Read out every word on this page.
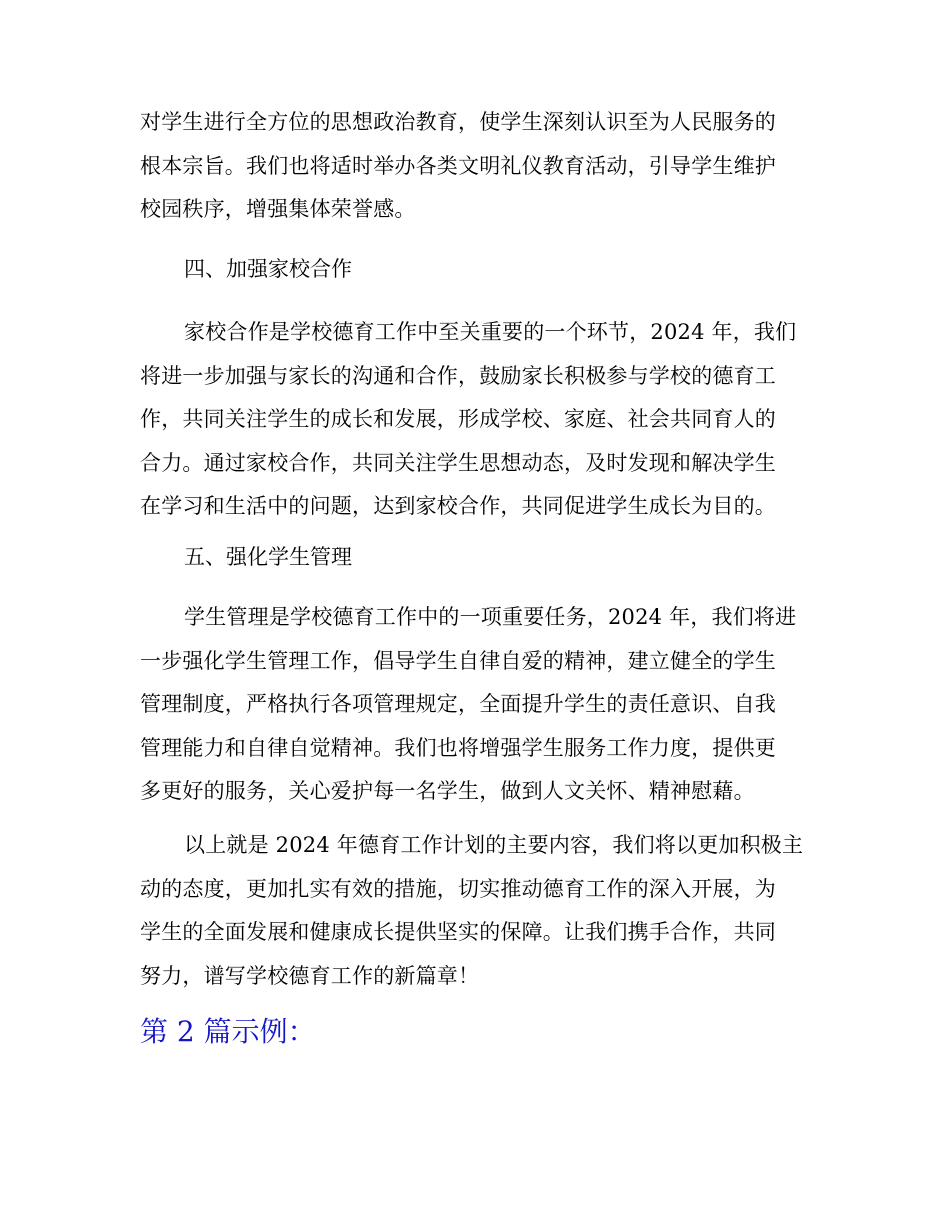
对学生进行全方位的思想政治教育，使学生深刻认识至为人民服务的
根本宗旨。我们也将适时举办各类文明礼仪教育活动，引导学生维护
校园秩序，增强集体荣誉感。

四、加强家校合作

家校合作是学校德育工作中至关重要的一个环节，2024 年，我们
将进一步加强与家长的沟通和合作，鼓励家长积极参与学校的德育工
作，共同关注学生的成长和发展，形成学校、家庭、社会共同育人的
合力。通过家校合作，共同关注学生思想动态，及时发现和解决学生
在学习和生活中的问题，达到家校合作，共同促进学生成长为目的。

五、强化学生管理

学生管理是学校德育工作中的一项重要任务，2024 年，我们将进
一步强化学生管理工作，倡导学生自律自爱的精神，建立健全的学生
管理制度，严格执行各项管理规定，全面提升学生的责任意识、自我
管理能力和自律自觉精神。我们也将增强学生服务工作力度，提供更
多更好的服务，关心爱护每一名学生，做到人文关怀、精神慰藉。

以上就是 2024 年德育工作计划的主要内容，我们将以更加积极主
动的态度，更加扎实有效的措施，切实推动德育工作的深入开展，为
学生的全面发展和健康成长提供坚实的保障。让我们携手合作，共同
努力，谱写学校德育工作的新篇章！

第 2 篇示例：
